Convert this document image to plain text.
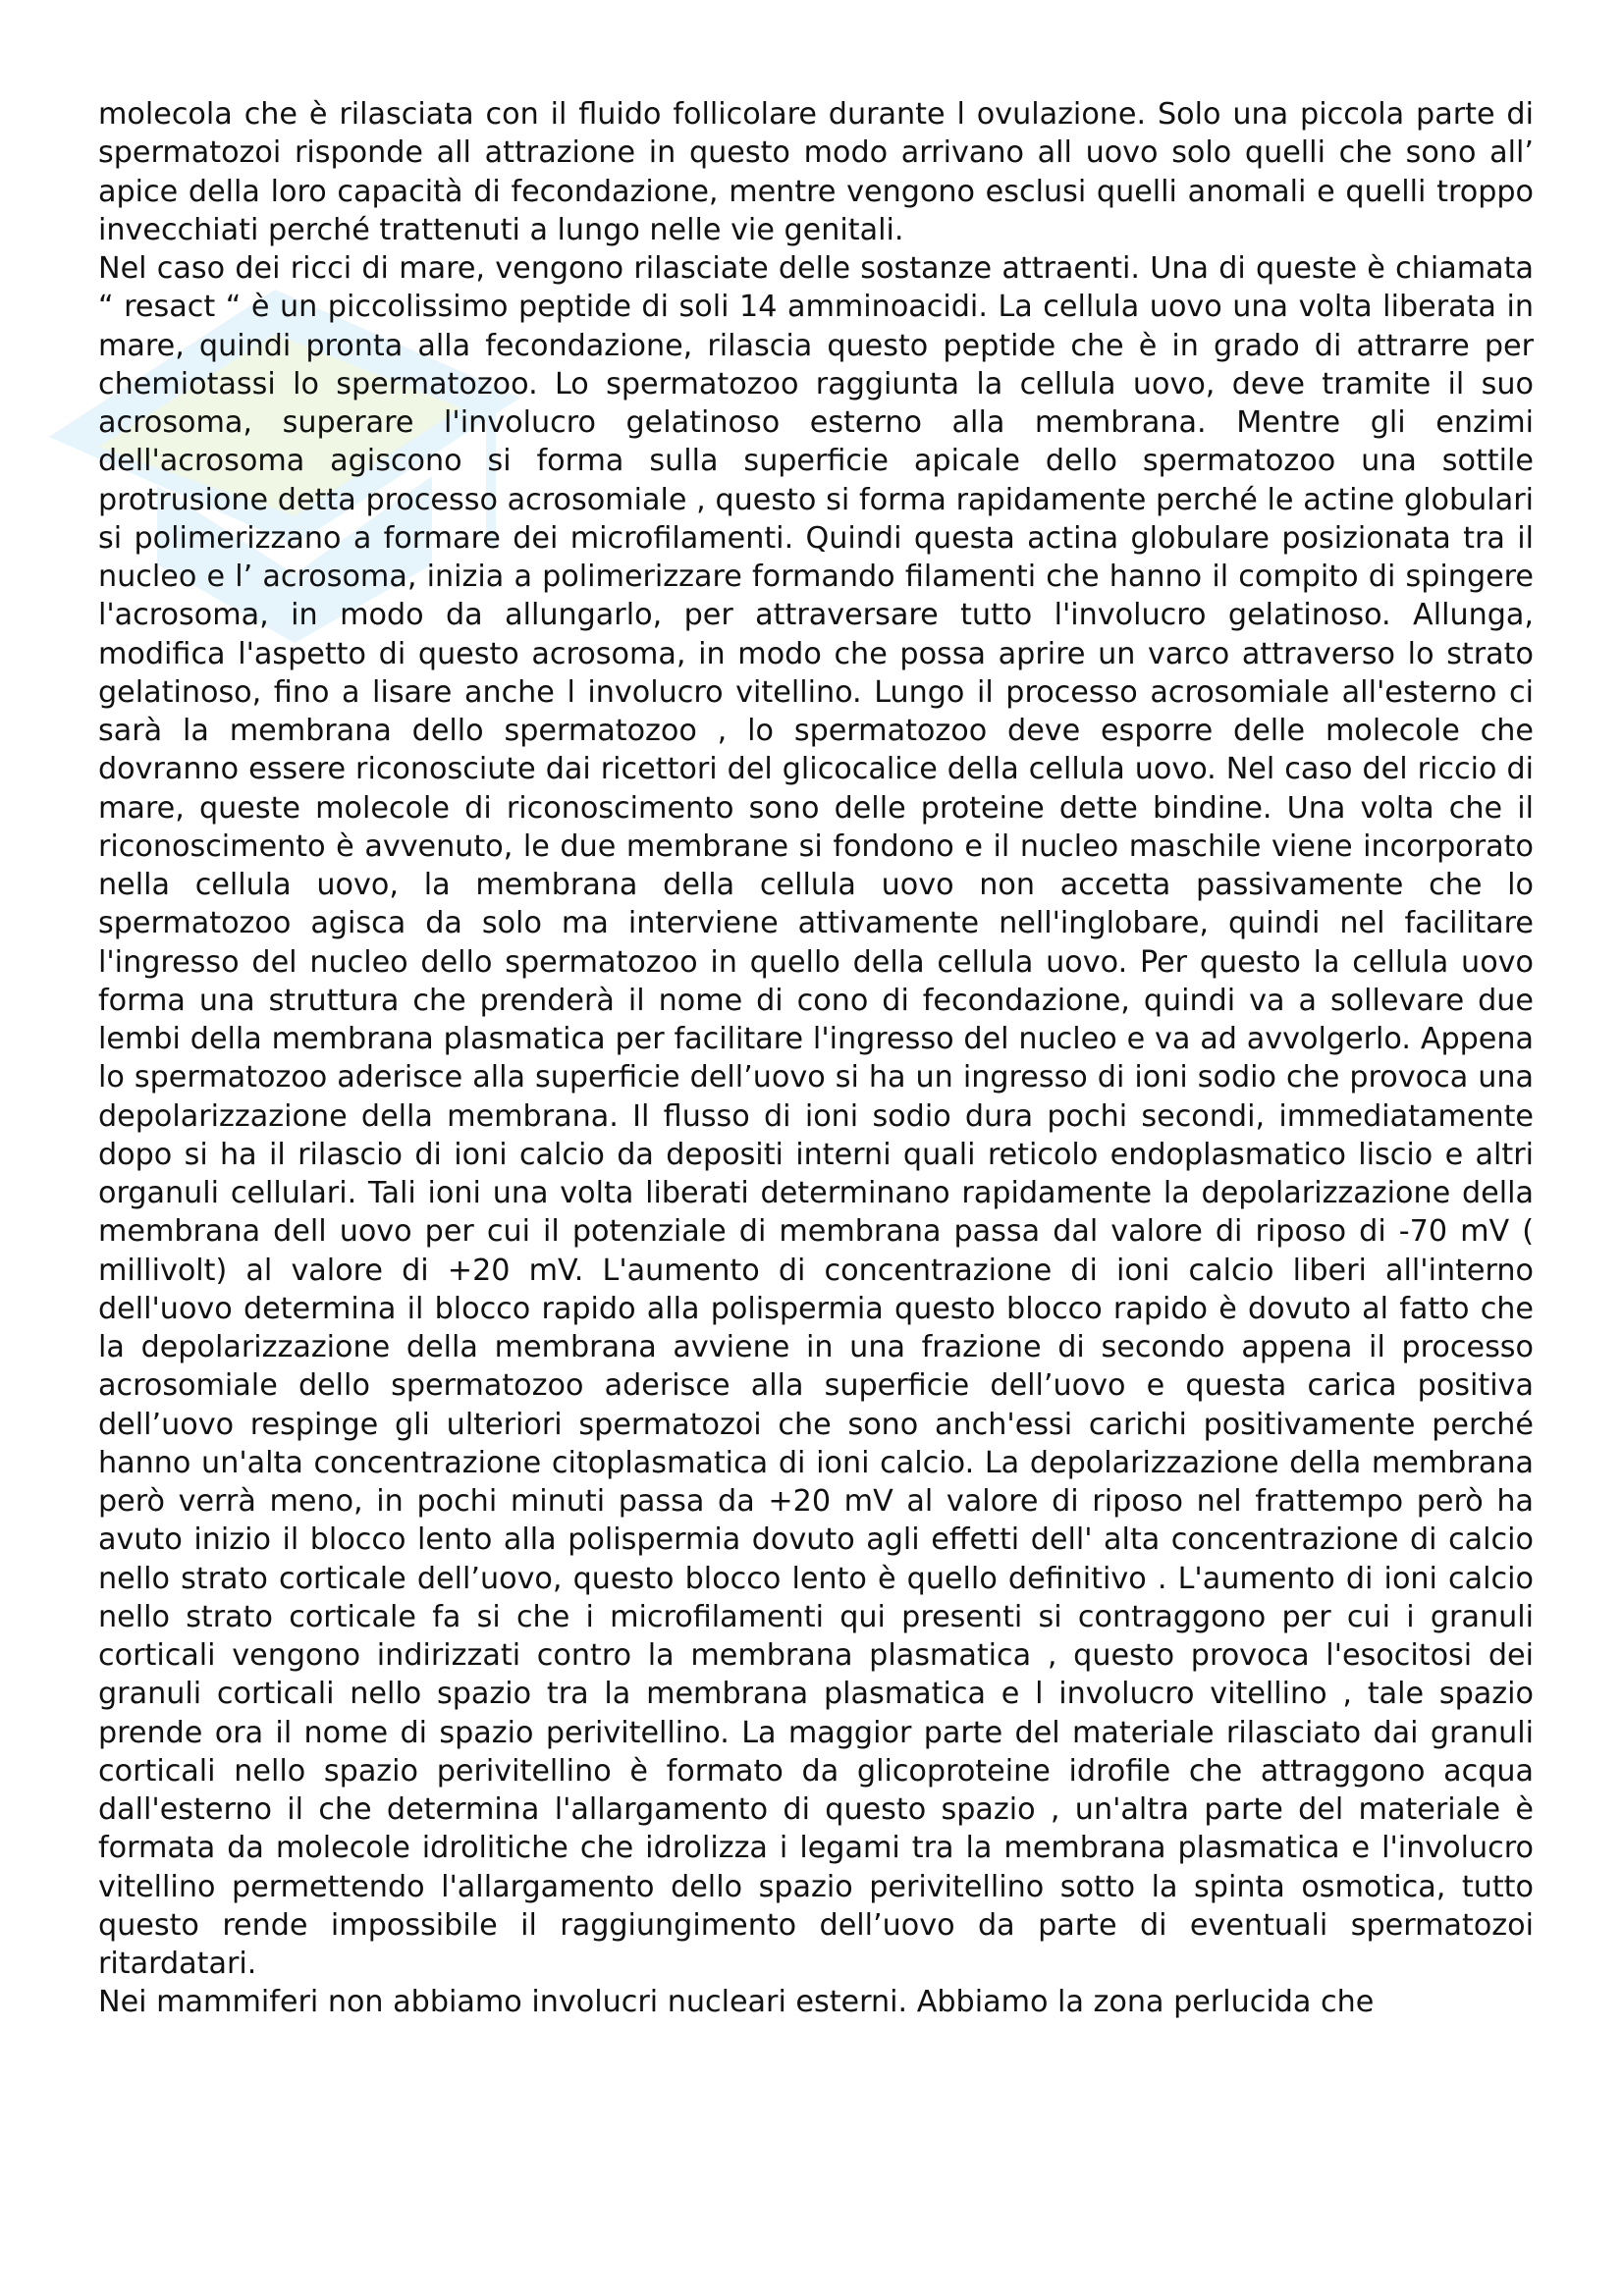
molecola che è rilasciata con il fluido follicolare durante l ovulazione. Solo una piccola parte di spermatozoi risponde all attrazione in questo modo arrivano all uovo solo quelli che sono all’ apice della loro capacità di fecondazione, mentre vengono esclusi quelli anomali e quelli troppo invecchiati perché trattenuti a lungo nelle vie genitali.

Nel caso dei ricci di mare, vengono rilasciate delle sostanze attraenti. Una di queste è chiamata “ resact “ è un piccolissimo peptide di soli 14 amminoacidi. La cellula uovo una volta liberata in mare, quindi pronta alla fecondazione, rilascia questo peptide che è in grado di attrarre per chemiotassi lo spermatozoo. Lo spermatozoo raggiunta la cellula uovo, deve tramite il suo acrosoma, superare l'involucro gelatinoso esterno alla membrana. Mentre gli enzimi dell'acrosoma agiscono si forma sulla superficie apicale dello spermatozoo una sottile protrusione detta processo acrosomiale , questo si forma rapidamente perché le actine globulari si polimerizzano a formare dei microfilamenti. Quindi questa actina globulare posizionata tra il nucleo e l’ acrosoma, inizia a polimerizzare formando filamenti che hanno il compito di spingere l'acrosoma, in modo da allungarlo, per attraversare tutto l'involucro gelatinoso. Allunga, modifica l'aspetto di questo acrosoma, in modo che possa aprire un varco attraverso lo strato gelatinoso, fino a lisare anche l involucro vitellino. Lungo il processo acrosomiale all'esterno ci sarà la membrana dello spermatozoo , lo spermatozoo deve esporre delle molecole che dovranno essere riconosciute dai ricettori del glicocalice della cellula uovo. Nel caso del riccio di mare, queste molecole di riconoscimento sono delle proteine dette bindine. Una volta che il riconoscimento è avvenuto, le due membrane si fondono e il nucleo maschile viene incorporato nella cellula uovo, la membrana della cellula uovo non accetta passivamente che lo spermatozoo agisca da solo ma interviene attivamente nell'inglobare, quindi nel facilitare l'ingresso del nucleo dello spermatozoo in quello della cellula uovo. Per questo la cellula uovo forma una struttura che prenderà il nome di cono di fecondazione, quindi va a sollevare due lembi della membrana plasmatica per facilitare l'ingresso del nucleo e va ad avvolgerlo. Appena lo spermatozoo aderisce alla superficie dell’uovo si ha un ingresso di ioni sodio che provoca una depolarizzazione della membrana. Il flusso di ioni sodio dura pochi secondi, immediatamente dopo si ha il rilascio di ioni calcio da depositi interni quali reticolo endoplasmatico liscio e altri organuli cellulari. Tali ioni una volta liberati determinano rapidamente la depolarizzazione della membrana dell uovo per cui il potenziale di membrana passa dal valore di riposo di -70 mV ( millivolt) al valore di +20 mV. L'aumento di concentrazione di ioni calcio liberi all'interno dell'uovo determina il blocco rapido alla polispermia questo blocco rapido è dovuto al fatto che la depolarizzazione della membrana avviene in una frazione di secondo appena il processo acrosomiale dello spermatozoo aderisce alla superficie dell’uovo e questa carica positiva dell’uovo respinge gli ulteriori spermatozoi che sono anch'essi carichi positivamente perché hanno un'alta concentrazione citoplasmatica di ioni calcio. La depolarizzazione della membrana però verrà meno, in pochi minuti passa da +20 mV al valore di riposo nel frattempo però ha avuto inizio il blocco lento alla polispermia dovuto agli effetti dell' alta concentrazione di calcio nello strato corticale dell’uovo, questo blocco lento è quello definitivo . L'aumento di ioni calcio nello strato corticale fa si che i microfilamenti qui presenti si contraggono per cui i granuli corticali vengono indirizzati contro la membrana plasmatica , questo provoca l'esocitosi dei granuli corticali nello spazio tra la membrana plasmatica e l involucro vitellino , tale spazio prende ora il nome di spazio perivitellino. La maggior parte del materiale rilasciato dai granuli corticali nello spazio perivitellino è formato da glicoproteine idrofile che attraggono acqua dall'esterno il che determina l'allargamento di questo spazio , un'altra parte del materiale è formata da molecole idrolitiche che idrolizza i legami tra la membrana plasmatica e l'involucro vitellino permettendo l'allargamento dello spazio perivitellino sotto la spinta osmotica, tutto questo rende impossibile il raggiungimento dell’uovo da parte di eventuali spermatozoi ritardatari.

Nei mammiferi non abbiamo involucri nucleari esterni. Abbiamo la zona perlucida che
